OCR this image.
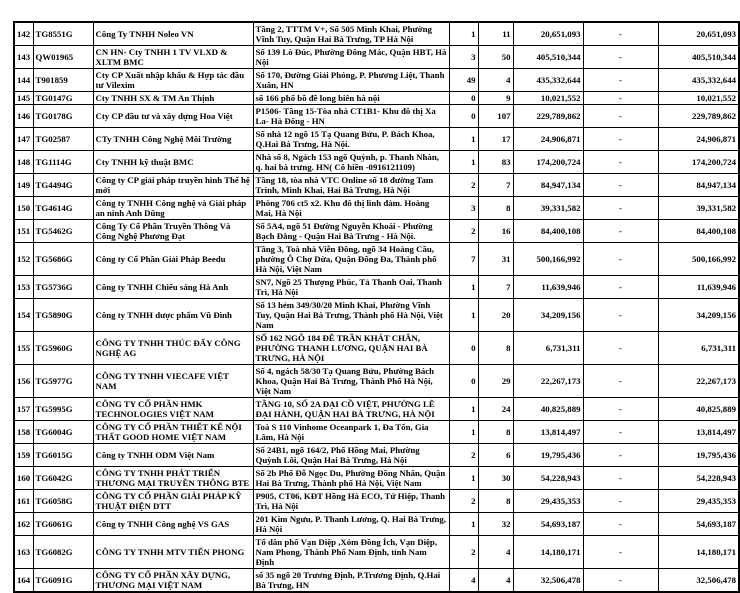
142	TG8551G	Công Ty TNHH Noleo VN	Tầng 2, TTTM V+, Số 505 Minh Khai, Phường Vĩnh Tuy, Quận Hai Bà Trưng, TP Hà Nội	1	11	20,651,093	-	20,651,093
143	QW01965	CN HN- Cty TNHH 1 TV VLXD & XLTM BMC	Số 139 Lò Đúc, Phường Đông Mác, Quận HBT, Hà Nội	3	50	405,510,344	-	405,510,344
144	T901859	Cty CP Xuất nhập khẩu & Hợp tác đầu tư Vilexim	Số 170, Đường Giải Phóng, P. Phương Liệt, Thanh Xuân, HN	49	4	435,332,644	-	435,332,644
145	TG0147G	Cty TNHH SX & TM An Thịnh	số 166 phố bồ đề long biên hà nội	0	9	10,021,552	-	10,021,552
146	TG0178G	Cty CP đầu tư và xây dựng Hoa Việt	P1506- Tầng 15-Tòa nhà CT1B1- Khu đô thị Xa La- Hà Đông - HN	0	107	229,789,862	-	229,789,862
147	TG02587	CTy TNHH Công Nghệ Môi Trường	Số nhà 12 ngõ 15 Tạ Quang Bửu, P. Bách Khoa, Q.Hai Bà Trưng, Hà Nội.	1	17	24,906,871	-	24,906,871
148	TG1114G	Cty TNHH kỹ thuật BMC	Nhà số 8, Ngách 153 ngõ Quỳnh, p. Thanh Nhàn, q. hai bà trưng. HN( Cô hiền -0916121109)	1	83	174,200,724	-	174,200,724
149	TG4494G	Công ty CP giải pháp truyền hình Thế hệ mới	Tầng 18, tòa nhà VTC Online số 18 đường Tam Trinh, Minh Khai, Hai Bà Trưng, Hà Nội	2	7	84,947,134	-	84,947,134
150	TG4614G	Công ty TNHH Công nghệ và Giải pháp an ninh Anh Dũng	Phòng 706 ct5 x2. Khu đô thị linh đàm. Hoàng Mai, Hà Nội	3	8	39,331,582	-	39,331,582
151	TG5462G	Công Ty Cổ Phần Truyền Thông Và Công Nghệ Phương Đạt	Số 5A4, ngõ 51 Đường Nguyễn Khoái - Phường Bạch Đằng - Quận Hai Bà Trưng - Hà Nội.	2	16	84,400,108	-	84,400,108
152	TG5686G	Công ty Cổ Phần Giải Pháp Beedu	Tầng 3, Toà nhà Viễn Đông, ngõ 34 Hoàng Cầu, phường Ô Chợ Dừa, Quận Đống Đa, Thành phố Hà Nội, Việt Nam	7	31	500,166,992	-	500,166,992
153	TG5736G	Công ty TNHH Chiếu sáng Hà Anh	SN7, Ngõ 25 Thượng Phúc, Tả Thanh Oai, Thanh Trì, Hà Nội	1	7	11,639,946	-	11,639,946
154	TG5890G	Công ty TNHH dược phẩm Vũ Đình	Số 13 hẻm 349/30/20 Minh Khai, Phường Vĩnh Tuy, Quận Hai Bà Trưng, Thành phố Hà Nội, Việt Nam	1	20	34,209,156	-	34,209,156
155	TG5960G	CÔNG TY TNHH THÚC ĐẨY CÔNG NGHỆ AG	SỐ 162 NGÕ 184 ĐÊ TRẦN KHÁT CHÂN, PHƯỜNG THANH LƯƠNG, QUẬN HAI BÀ TRƯNG, HÀ NỘI	0	8	6,731,311	-	6,731,311
156	TG5977G	CÔNG TY TNHH VIECAFE VIỆT NAM	Số 4, ngách 58/30 Tạ Quang Bửu, Phường Bách Khoa, Quận Hai Bà Trưng, Thành Phố Hà Nội, Việt Nam	0	29	22,267,173	-	22,267,173
157	TG5995G	CÔNG TY CỔ PHẦN HMK TECHNOLOGIES VIỆT NAM	TẦNG 10, SỐ 2A ĐẠI CỒ VIỆT, PHƯỜNG LÊ ĐẠI HÀNH, QUẬN HAI BÀ TRƯNG, HÀ NỘI	1	24	40,825,889	-	40,825,889
158	TG6004G	CÔNG TY CỔ PHẦN THIẾT KẾ NỘI THẤT GOOD HOME VIỆT NAM	Toà S 110 Vinhome Oceanpark 1, Đa Tốn, Gia Lâm, Hà Nội	1	8	13,814,497	-	13,814,497
159	TG6015G	Công ty TNHH ODM Việt Nam	Số 24B1, ngõ 164/2, Phố Hồng Mai, Phường Quỳnh Lôi, Quận Hai Bà Trưng, Hà Nội	2	6	19,795,436	-	19,795,436
160	TG6042G	CÔNG TY TNHH PHÁT TRIỂN THƯƠNG MẠI TRUYỀN THÔNG BTE	Số 2b Phố Đỗ Ngọc Du, Phường Đồng Nhân, Quận Hai Bà Trưng, Thành phố Hà Nội, Việt Nam	1	30	54,228,943	-	54,228,943
161	TG6058G	CÔNG TY CỔ PHẦN GIẢI PHÁP KỸ THUẬT ĐIỆN DTT	P905, CT06, KĐT Hồng Hà ECO, Tứ Hiệp, Thanh Trì, Hà Nội	2	8	29,435,353	-	29,435,353
162	TG6061G	Công ty TNHH Công nghệ VS GAS	201 Kim Ngưu, P. Thanh Lương, Q. Hai Bà Trưng, Hà Nội	1	32	54,693,187	-	54,693,187
163	TG6082G	CÔNG TY TNHH MTV TIẾN PHONG	Tổ dân phố Vạn Diệp ,Xóm Đồng Ích, Vạn Diệp, Nam Phong, Thành Phố Nam Định, tỉnh Nam Định	2	4	14,180,171	-	14,180,171
164	TG6091G	CÔNG TY CỔ PHẦN XÂY DỰNG, THƯƠNG MẠI VIỆT NAM	số 35 ngõ 20 Trương Định, P.Trương Định, Q.Hai Bà Trưng, HN	4	4	32,506,478	-	32,506,478
